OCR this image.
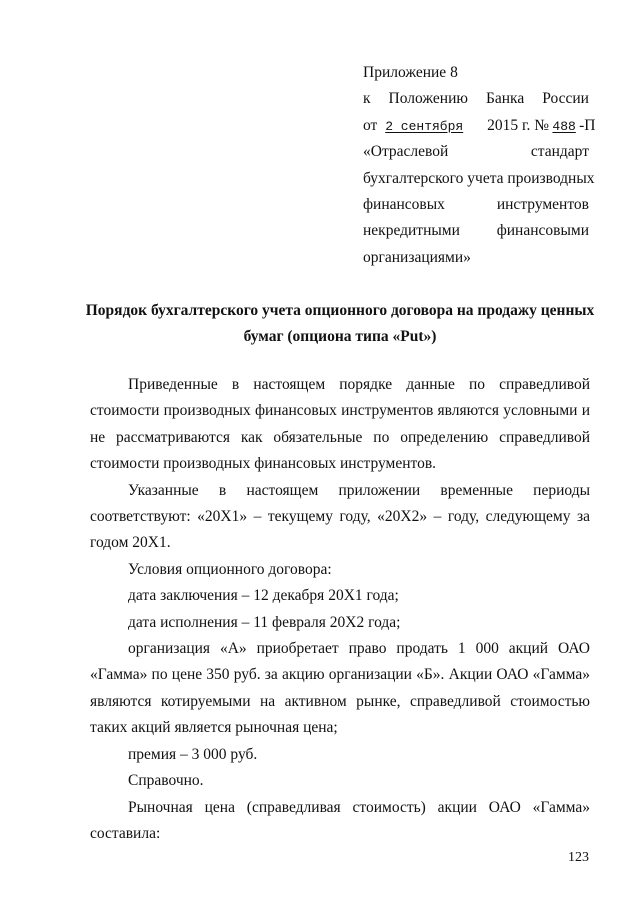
Приложение 8
к Положению Банка России
от 2 сентября 2015 г. № 488 -П
«Отраслевой	стандарт
бухгалтерского учета производных
финансовых	инструментов
некредитными финансовыми
организациями»
Порядок бухгалтерского учета опционного договора на продажу ценных
бумаг (опциона типа «Put»)

Приведенные в настоящем порядке данные по справедливой стоимости производных финансовых инструментов являются условными и не рассматриваются как обязательные по определению справедливой стоимости производных финансовых инструментов.

Указанные в настоящем приложении временные периоды соответствуют: «20Х1» – текущему году, «20Х2» – году, следующему за годом 20Х1.

Условия опционного договора:

дата заключения – 12 декабря 20Х1 года;

дата исполнения – 11 февраля 20Х2 года;

организация «А» приобретает право продать 1 000 акций ОАО «Гамма» по цене 350 руб. за акцию организации «Б». Акции ОАО «Гамма» являются котируемыми на активном рынке, справедливой стоимостью таких акций является рыночная цена;

премия – 3 000 руб.

Справочно.

Рыночная цена (справедливая стоимость) акции ОАО «Гамма» составила:

123
